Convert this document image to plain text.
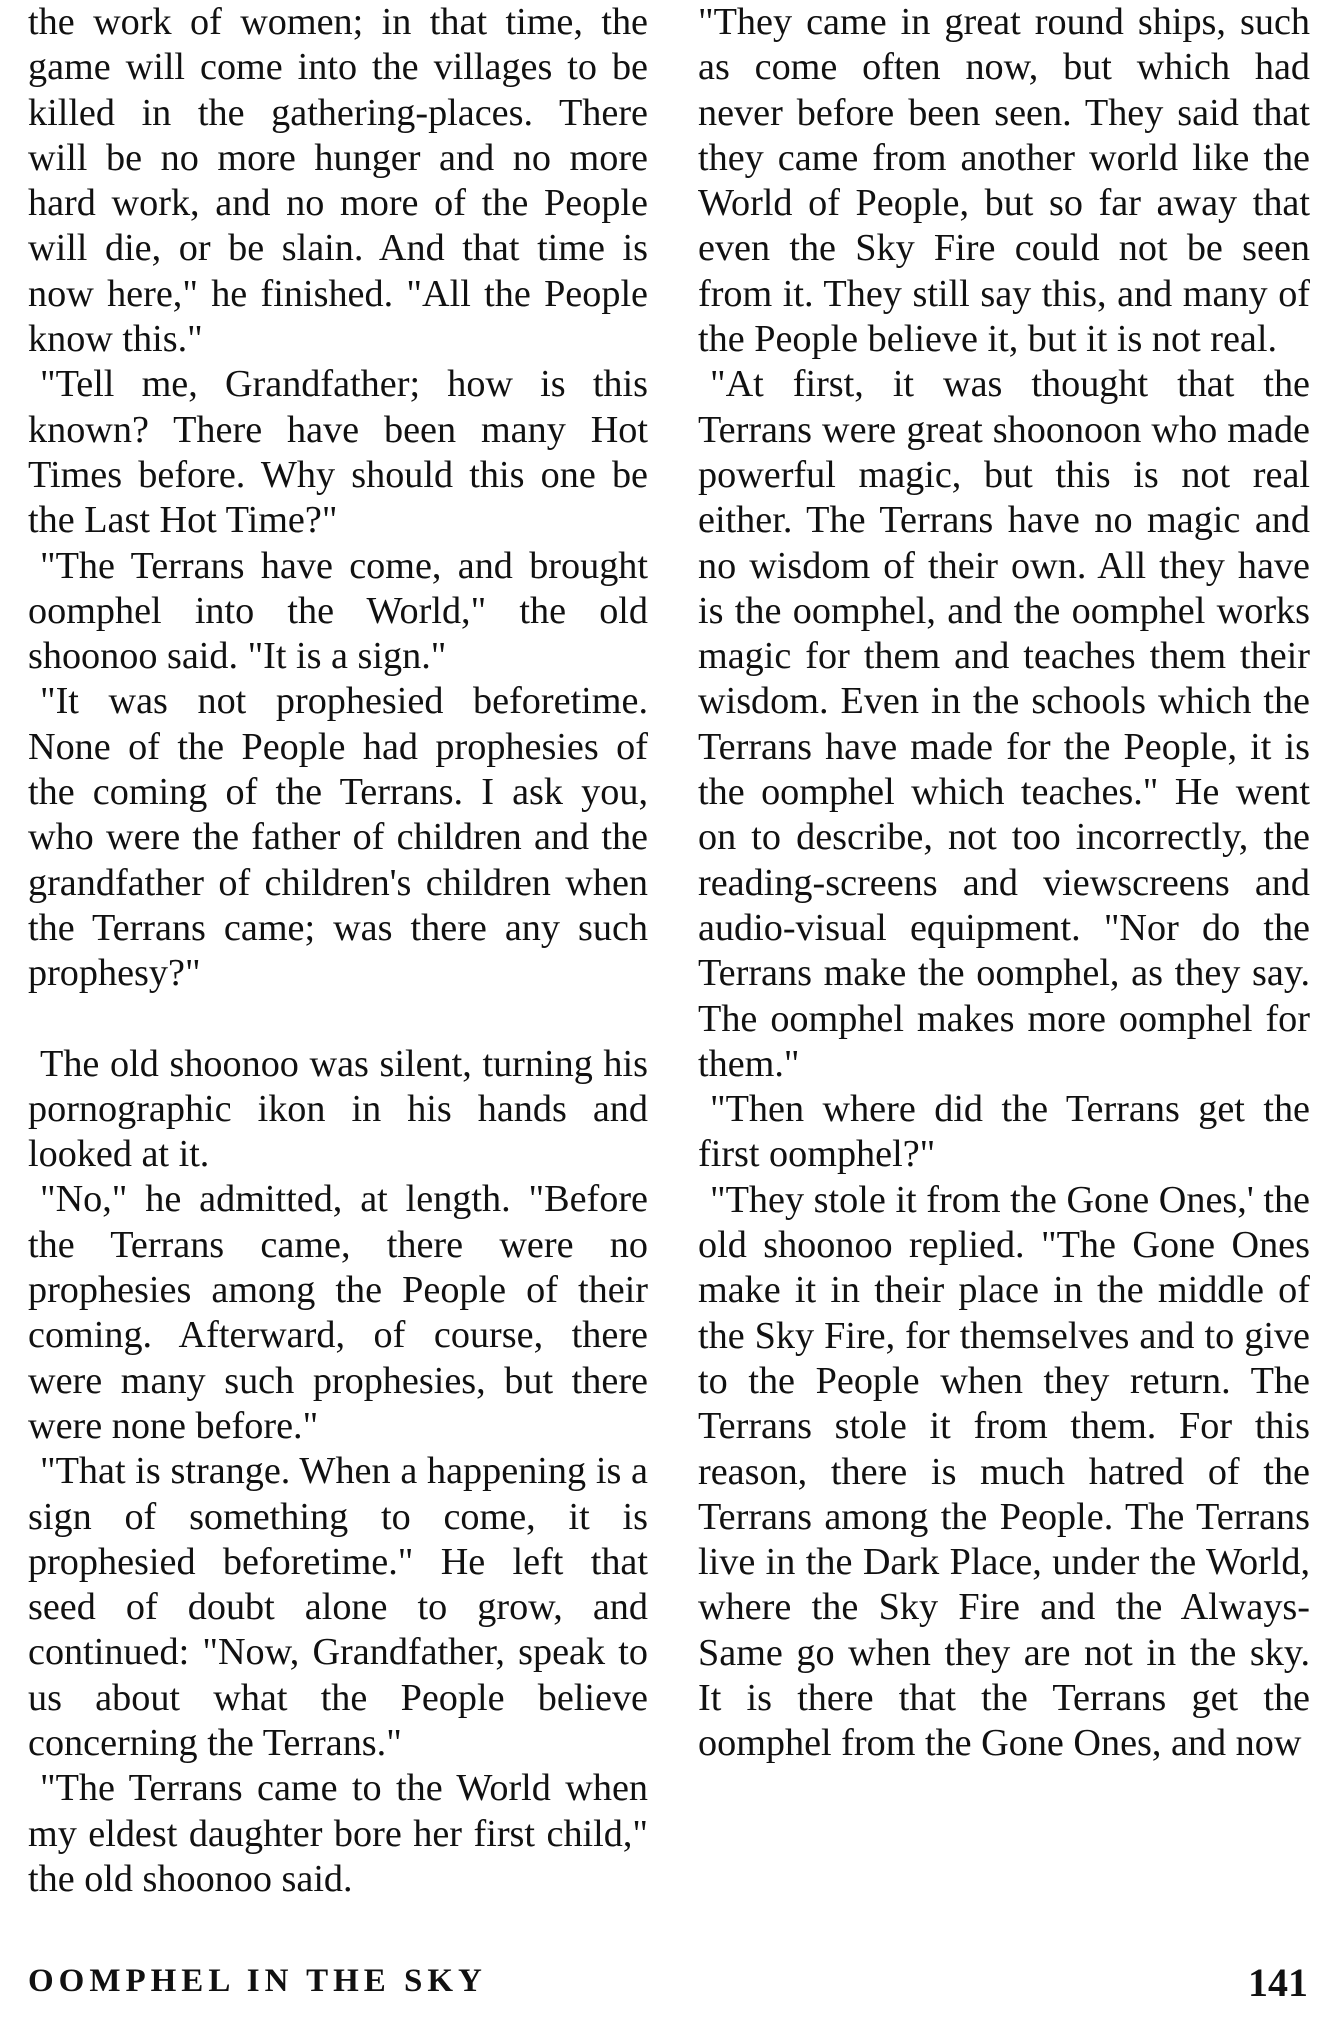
the work of women; in that time, the game will come into the villages to be killed in the gathering-places. There will be no more hunger and no more hard work, and no more of the People will die, or be slain. And that time is now here," he finished. "All the People know this."

"Tell me, Grandfather; how is this known? There have been many Hot Times before. Why should this one be the Last Hot Time?"

"The Terrans have come, and brought oomphel into the World," the old shoonoo said. "It is a sign."

"It was not prophesied beforetime. None of the People had prophesies of the coming of the Terrans. I ask you, who were the father of children and the grandfather of children's children when the Terrans came; was there any such prophesy?"

The old shoonoo was silent, turning his pornographic ikon in his hands and looked at it.

"No," he admitted, at length. "Before the Terrans came, there were no prophesies among the People of their coming. Afterward, of course, there were many such prophesies, but there were none before."

"That is strange. When a happening is a sign of something to come, it is prophesied beforetime." He left that seed of doubt alone to grow, and continued: "Now, Grandfather, speak to us about what the People believe concerning the Terrans."

"The Terrans came to the World when my eldest daughter bore her first child," the old shoonoo said.

"They came in great round ships, such as come often now, but which had never before been seen. They said that they came from another world like the World of People, but so far away that even the Sky Fire could not be seen from it. They still say this, and many of the People believe it, but it is not real.

"At first, it was thought that the Terrans were great shoonoon who made powerful magic, but this is not real either. The Terrans have no magic and no wisdom of their own. All they have is the oomphel, and the oomphel works magic for them and teaches them their wisdom. Even in the schools which the Terrans have made for the People, it is the oomphel which teaches." He went on to describe, not too incorrectly, the reading-screens and viewscreens and audio-visual equipment. "Nor do the Terrans make the oomphel, as they say. The oomphel makes more oomphel for them."

"Then where did the Terrans get the first oomphel?"

"They stole it from the Gone Ones,' the old shoonoo replied. "The Gone Ones make it in their place in the middle of the Sky Fire, for themselves and to give to the People when they return. The Terrans stole it from them. For this reason, there is much hatred of the Terrans among the People. The Terrans live in the Dark Place, under the World, where the Sky Fire and the Always-Same go when they are not in the sky. It is there that the Terrans get the oomphel from the Gone Ones, and now

OOMPHEL IN THE SKY	141
